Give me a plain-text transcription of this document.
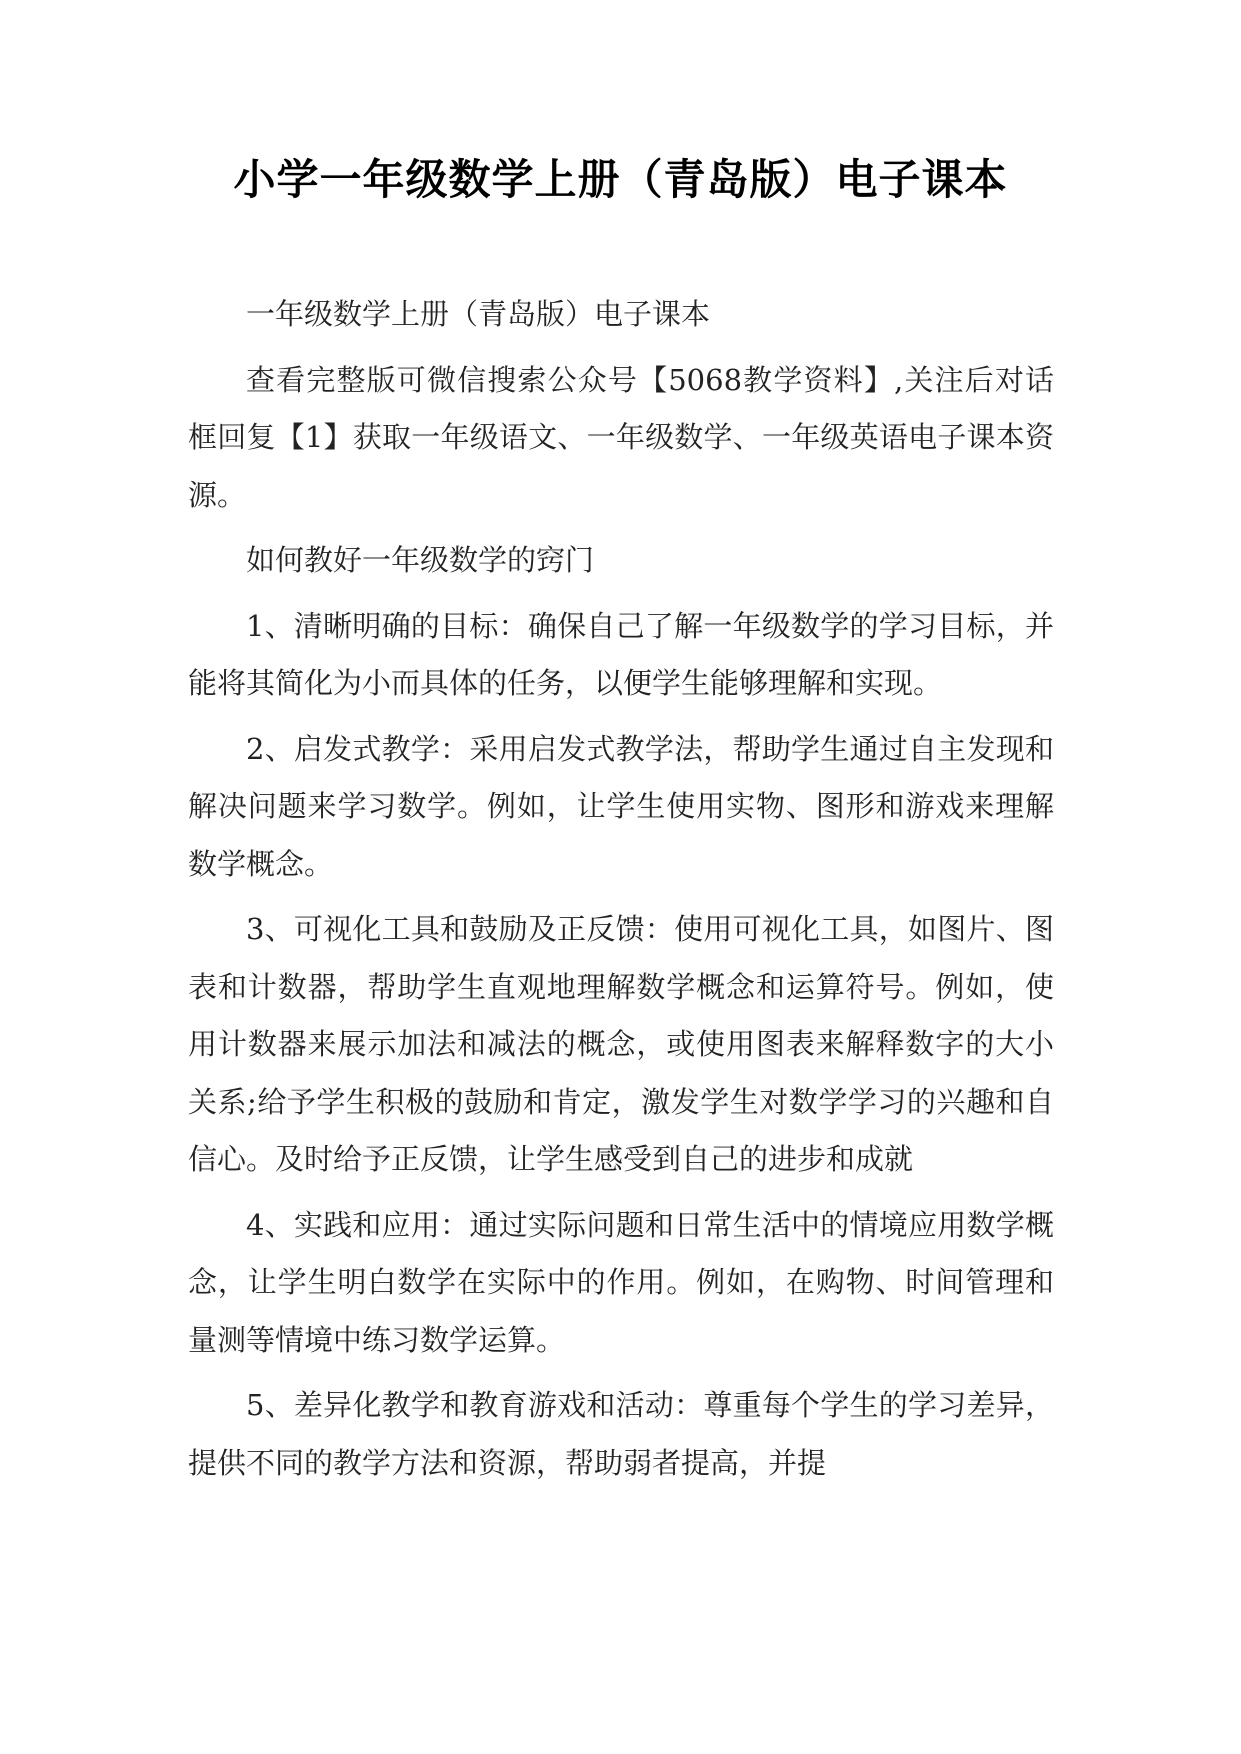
小学一年级数学上册（青岛版）电子课本

一年级数学上册（青岛版）电子课本

查看完整版可微信搜索公众号【5068教学资料】,关注后对话框回复【1】获取一年级语文、一年级数学、一年级英语电子课本资源。

如何教好一年级数学的窍门

1、清晰明确的目标：确保自己了解一年级数学的学习目标，并能将其简化为小而具体的任务，以便学生能够理解和实现。

2、启发式教学：采用启发式教学法，帮助学生通过自主发现和解决问题来学习数学。例如，让学生使用实物、图形和游戏来理解数学概念。

3、可视化工具和鼓励及正反馈：使用可视化工具，如图片、图表和计数器，帮助学生直观地理解数学概念和运算符号。例如，使用计数器来展示加法和减法的概念，或使用图表来解释数字的大小关系;给予学生积极的鼓励和肯定，激发学生对数学学习的兴趣和自信心。及时给予正反馈，让学生感受到自己的进步和成就

4、实践和应用：通过实际问题和日常生活中的情境应用数学概念，让学生明白数学在实际中的作用。例如，在购物、时间管理和量测等情境中练习数学运算。

5、差异化教学和教育游戏和活动：尊重每个学生的学习差异，提供不同的教学方法和资源，帮助弱者提高，并提
